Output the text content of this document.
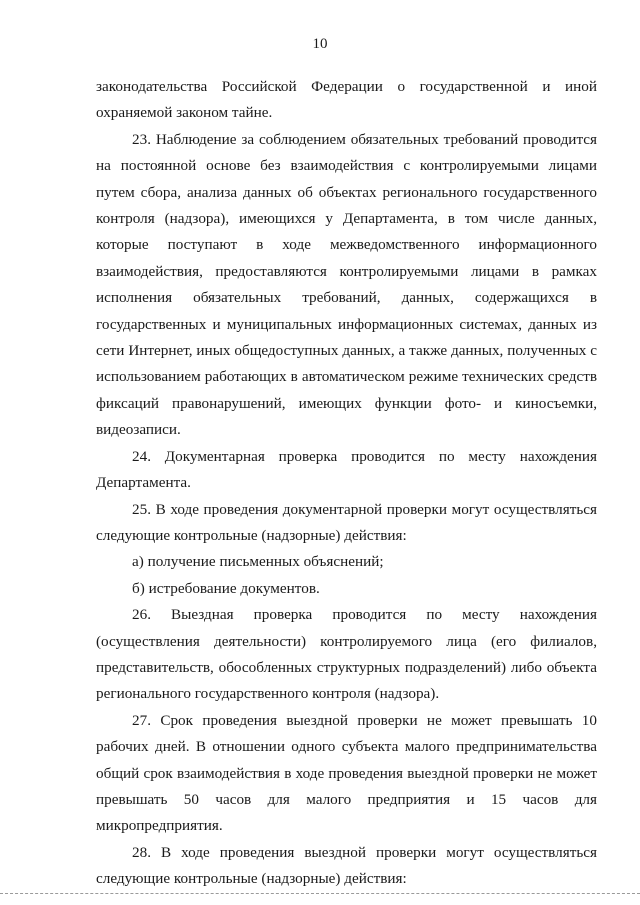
10

законодательства Российской Федерации о государственной и иной охраняемой законом тайне.

23. Наблюдение за соблюдением обязательных требований проводится на постоянной основе без взаимодействия с контролируемыми лицами путем сбора, анализа данных об объектах регионального государственного контроля (надзора), имеющихся у Департамента, в том числе данных, которые поступают в ходе межведомственного информационного взаимодействия, предоставляются контролируемыми лицами в рамках исполнения обязательных требований, данных, содержащихся в государственных и муниципальных информационных системах, данных из сети Интернет, иных общедоступных данных, а также данных, полученных с использованием работающих в автоматическом режиме технических средств фиксаций правонарушений, имеющих функции фото- и киносъемки, видеозаписи.

24. Документарная проверка проводится по месту нахождения Департамента.

25. В ходе проведения документарной проверки могут осуществляться следующие контрольные (надзорные) действия:

а) получение письменных объяснений;

б) истребование документов.

26. Выездная проверка проводится по месту нахождения (осуществления деятельности) контролируемого лица (его филиалов, представительств, обособленных структурных подразделений) либо объекта регионального государственного контроля (надзора).

27. Срок проведения выездной проверки не может превышать 10 рабочих дней. В отношении одного субъекта малого предпринимательства общий срок взаимодействия в ходе проведения выездной проверки не может превышать 50 часов для малого предприятия и 15 часов для микропредприятия.

28. В ходе проведения выездной проверки могут осуществляться следующие контрольные (надзорные) действия:
